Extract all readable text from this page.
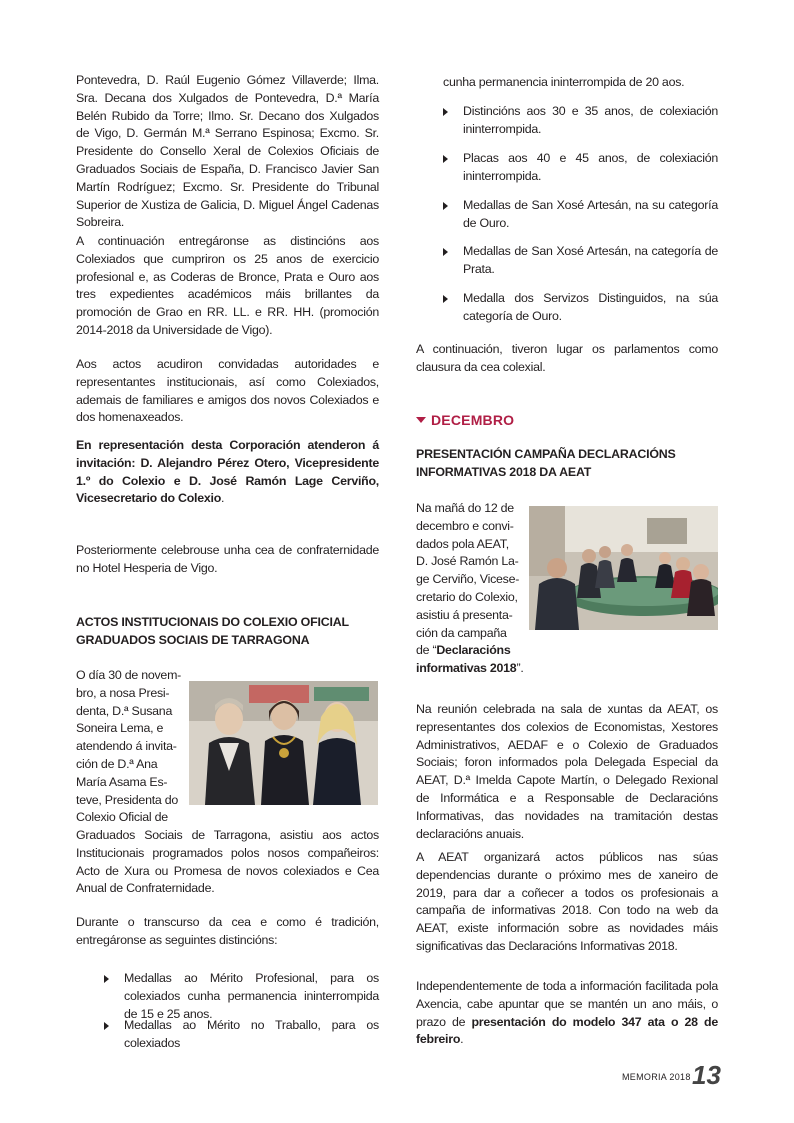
Pontevedra, D. Raúl Eugenio Gómez Villaverde; Ilma. Sra. Decana dos Xulgados de Pontevedra, D.ª María Belén Rubido da Torre; Ilmo. Sr. Decano dos Xulgados de Vigo, D. Germán M.ª Serrano Espinosa; Excmo. Sr. Presidente do Consello Xeral de Colexios Oficiais de Graduados Sociais de España, D. Francisco Javier San Martín Rodríguez; Excmo. Sr. Presidente do Tribunal Superior de Xustiza de Galicia, D. Miguel Ángel Cadenas Sobreira.

A continuación entregáronse as distincións aos Colexiados que cumpriron os 25 anos de exercicio profesional e, as Coderas de Bronce, Prata e Ouro aos tres expedientes académicos máis brillantes da promoción de Grao en RR. LL. e RR. HH. (promoción 2014-2018 da Universidade de Vigo).

Aos actos acudiron convidadas autoridades e representantes institucionais, así como Colexiados, ademais de familiares e amigos dos novos Colexiados e dos homenaxeados.

En representación desta Corporación atenderon á invitación: D. Alejandro Pérez Otero, Vicepresidente 1.º do Colexio e D. José Ramón Lage Cerviño, Vicesecretario do Colexio.

Posteriormente celebrouse unha cea de confraternidade no Hotel Hesperia de Vigo.

ACTOS INSTITUCIONAIS DO COLEXIO OFICIAL GRADUADOS SOCIAIS DE TARRAGONA

O día 30 de novem-

bro, a nosa Presi-

denta, D.ª Susana

Soneira Lema, e

atendendo á invita-

ción de D.ª Ana

María Asama Es-

teve, Presidenta do

Colexio Oficial de

Graduados Sociais de Tarragona, asistiu aos actos Institucionais programados polos nosos compañeiros: Acto de Xura ou Promesa de novos colexiados e Cea Anual de Confraternidade.

Durante o transcurso da cea e como é tradición, entregáronse as seguintes distincións:

Medallas ao Mérito Profesional, para os colexiados cunha permanencia ininterrompida de 15 e 25 anos.
Medallas ao Mérito no Traballo, para os colexiados

cunha permanencia ininterrompida de 20 aos.

Distincións aos 30 e 35 anos, de colexiación ininterrompida.
Placas aos 40 e 45 anos, de colexiación ininterrompida.
Medallas de San Xosé Artesán, na su categoría de Ouro.
Medallas de San Xosé Artesán, na categoría de Prata.
Medalla dos Servizos Distinguidos, na súa categoría de Ouro.

A continuación, tiveron lugar os parlamentos como clausura da cea colexial.

DECEMBRO
PRESENTACIÓN CAMPAÑA DECLARACIÓNS INFORMATIVAS 2018 DA AEAT

Na mañá do 12 de

decembro e convi-

dados pola AEAT,

D. José Ramón La-

ge Cerviño, Vicese-

cretario do Colexio,

asistiu á presenta-

ción da campaña

de “Declaracións

informativas 2018”.

Na reunión celebrada na sala de xuntas da AEAT, os representantes dos colexios de Economistas, Xestores Administrativos, AEDAF e o Colexio de Graduados Sociais; foron informados pola Delegada Especial da AEAT, D.ª Imelda Capote Martín, o Delegado Rexional de Informática e a Responsable de Declaracións Informativas, das novidades na tramitación destas declaracións anuais.

A AEAT organizará actos públicos nas súas dependencias durante o próximo mes de xaneiro de 2019, para dar a coñecer a todos os profesionais a campaña de informativas 2018. Con todo na web da AEAT, existe información sobre as novidades máis significativas das Declaracións Informativas 2018.

Independentemente de toda a información facilitada pola Axencia, cabe apuntar que se mantén un ano máis, o prazo de presentación do modelo 347 ata o 28 de febreiro.

MEMORIA 2018 13
